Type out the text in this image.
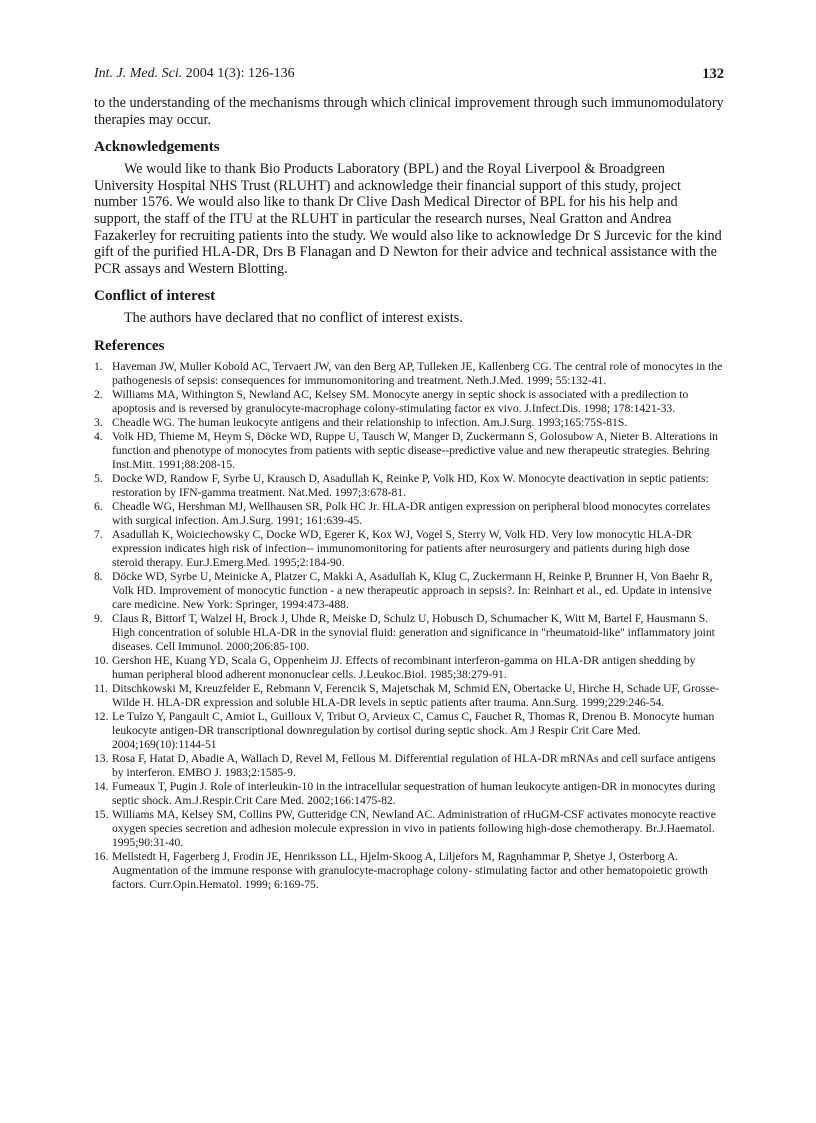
Int. J. Med. Sci. 2004 1(3): 126-136	132

to the understanding of the mechanisms through which clinical improvement through such immunomodulatory therapies may occur.

Acknowledgements

We would like to thank Bio Products Laboratory (BPL) and the Royal Liverpool & Broadgreen University Hospital NHS Trust (RLUHT) and acknowledge their financial support of this study, project number 1576. We would also like to thank Dr Clive Dash Medical Director of BPL for his his help and support, the staff of the ITU at the RLUHT in particular the research nurses, Neal Gratton and Andrea Fazakerley for recruiting patients into the study. We would also like to acknowledge Dr S Jurcevic for the kind gift of the purified HLA-DR, Drs B Flanagan and D Newton for their advice and technical assistance with the PCR assays and Western Blotting.

Conflict of interest

The authors have declared that no conflict of interest exists.

References
1. Haveman JW, Muller Kobold AC, Tervaert JW, van den Berg AP, Tulleken JE, Kallenberg CG. The central role of monocytes in the pathogenesis of sepsis: consequences for immunomonitoring and treatment. Neth.J.Med. 1999; 55:132-41.
2. Williams MA, Withington S, Newland AC, Kelsey SM. Monocyte anergy in septic shock is associated with a predilection to apoptosis and is reversed by granulocyte-macrophage colony-stimulating factor ex vivo. J.Infect.Dis. 1998; 178:1421-33.
3. Cheadle WG. The human leukocyte antigens and their relationship to infection. Am.J.Surg. 1993;165:75S-81S.
4. Volk HD, Thieme M, Heym S, Döcke WD, Ruppe U, Tausch W, Manger D, Zuckermann S, Golosubow A, Nieter B. Alterations in function and phenotype of monocytes from patients with septic disease--predictive value and new therapeutic strategies. Behring Inst.Mitt. 1991;88:208-15.
5. Docke WD, Randow F, Syrbe U, Krausch D, Asadullah K, Reinke P, Volk HD, Kox W. Monocyte deactivation in septic patients: restoration by IFN-gamma treatment. Nat.Med. 1997;3:678-81.
6. Cheadle WG, Hershman MJ, Wellhausen SR, Polk HC Jr. HLA-DR antigen expression on peripheral blood monocytes correlates with surgical infection. Am.J.Surg. 1991; 161:639-45.
7. Asadullah K, Woiciechowsky C, Docke WD, Egerer K, Kox WJ, Vogel S, Sterry W, Volk HD. Very low monocytic HLA-DR expression indicates high risk of infection-- immunomonitoring for patients after neurosurgery and patients during high dose steroid therapy. Eur.J.Emerg.Med. 1995;2:184-90.
8. Döcke WD, Syrbe U, Meinicke A, Platzer C, Makki A, Asadullah K, Klug C, Zuckermann H, Reinke P, Brunner H, Von Baehr R, Volk HD. Improvement of monocytic function - a new therapeutic approach in sepsis?. In: Reinhart et al., ed. Update in intensive care medicine. New York: Springer, 1994:473-488.
9. Claus R, Bittorf T, Walzel H, Brock J, Uhde R, Meiske D, Schulz U, Hobusch D, Schumacher K, Witt M, Bartel F, Hausmann S. High concentration of soluble HLA-DR in the synovial fluid: generation and significance in "rheumatoid-like" inflammatory joint diseases. Cell Immunol. 2000;206:85-100.
10. Gershon HE, Kuang YD, Scala G, Oppenheim JJ. Effects of recombinant interferon-gamma on HLA-DR antigen shedding by human peripheral blood adherent mononuclear cells. J.Leukoc.Biol. 1985;38:279-91.
11. Ditschkowski M, Kreuzfelder E, Rebmann V, Ferencik S, Majetschak M, Schmid EN, Obertacke U, Hirche H, Schade UF, Grosse-Wilde H. HLA-DR expression and soluble HLA-DR levels in septic patients after trauma. Ann.Surg. 1999;229:246-54.
12. Le Tulzo Y, Pangault C, Amiot L, Guilloux V, Tribut O, Arvieux C, Camus C, Fauchet R, Thomas R, Drenou B. Monocyte human leukocyte antigen-DR transcriptional downregulation by cortisol during septic shock. Am J Respir Crit Care Med. 2004;169(10):1144-51
13. Rosa F, Hatat D, Abadie A, Wallach D, Revel M, Fellous M. Differential regulation of HLA-DR mRNAs and cell surface antigens by interferon. EMBO J. 1983;2:1585-9.
14. Fumeaux T, Pugin J. Role of interleukin-10 in the intracellular sequestration of human leukocyte antigen-DR in monocytes during septic shock. Am.J.Respir.Crit Care Med. 2002;166:1475-82.
15. Williams MA, Kelsey SM, Collins PW, Gutteridge CN, Newland AC. Administration of rHuGM-CSF activates monocyte reactive oxygen species secretion and adhesion molecule expression in vivo in patients following high-dose chemotherapy. Br.J.Haematol. 1995;90:31-40.
16. Mellstedt H, Fagerberg J, Frodin JE, Henriksson LL, Hjelm-Skoog A, Liljefors M, Ragnhammar P, Shetye J, Osterborg A. Augmentation of the immune response with granulocyte-macrophage colony- stimulating factor and other hematopoietic growth factors. Curr.Opin.Hematol. 1999; 6:169-75.
